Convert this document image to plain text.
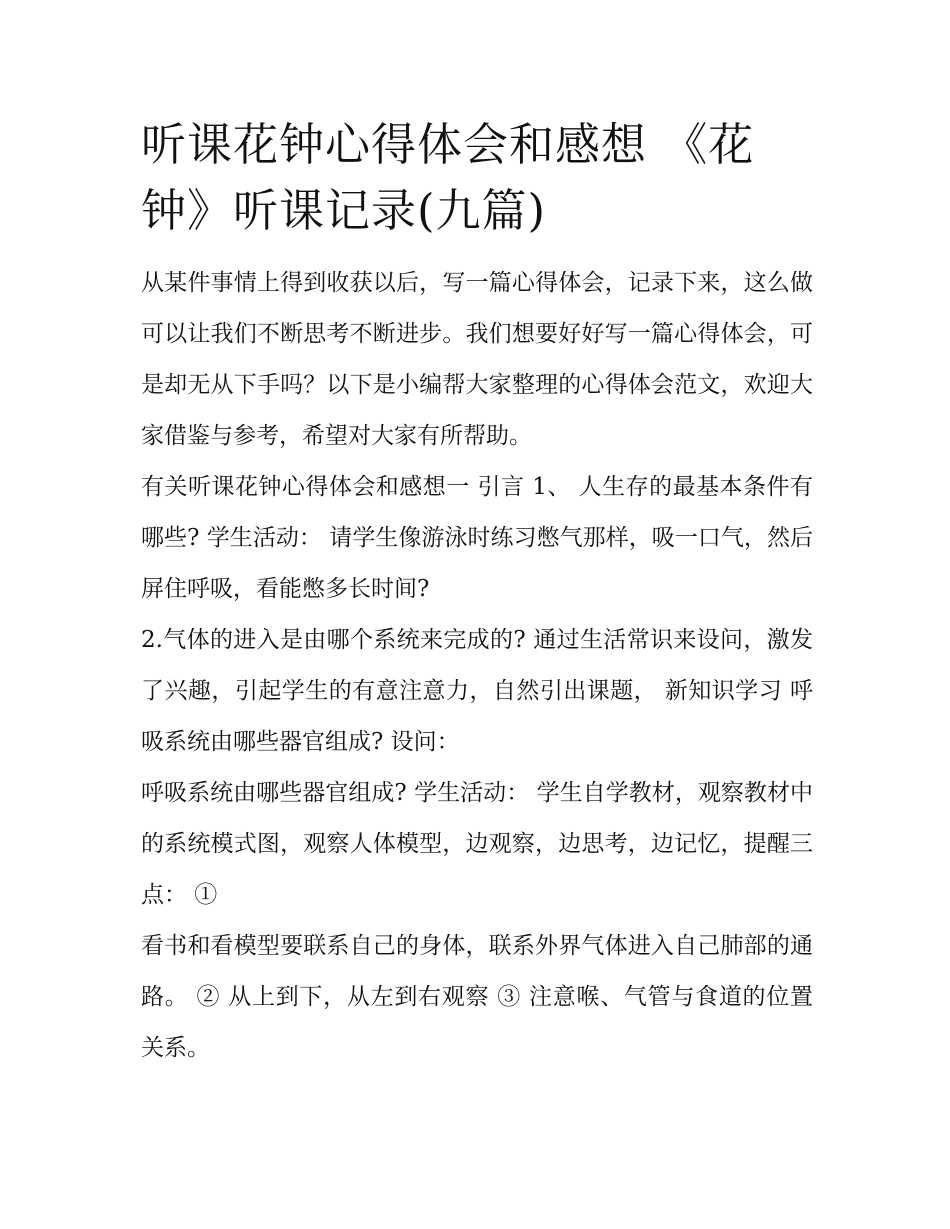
听课花钟心得体会和感想 《花钟》听课记录(九篇)

从某件事情上得到收获以后，写一篇心得体会，记录下来，这么做可以让我们不断思考不断进步。我们想要好好写一篇心得体会，可是却无从下手吗？以下是小编帮大家整理的心得体会范文，欢迎大家借鉴与参考，希望对大家有所帮助。

有关听课花钟心得体会和感想一 引言 1、 人生存的最基本条件有哪些? 学生活动： 请学生像游泳时练习憋气那样，吸一口气，然后屏住呼吸，看能憋多长时间?

2.气体的进入是由哪个系统来完成的? 通过生活常识来设问，激发了兴趣，引起学生的有意注意力，自然引出课题， 新知识学习 呼吸系统由哪些器官组成? 设问：

呼吸系统由哪些器官组成? 学生活动： 学生自学教材，观察教材中的系统模式图，观察人体模型，边观察，边思考，边记忆，提醒三点： ①

看书和看模型要联系自己的身体，联系外界气体进入自己肺部的通路。 ② 从上到下，从左到右观察 ③ 注意喉、气管与食道的位置关系。
